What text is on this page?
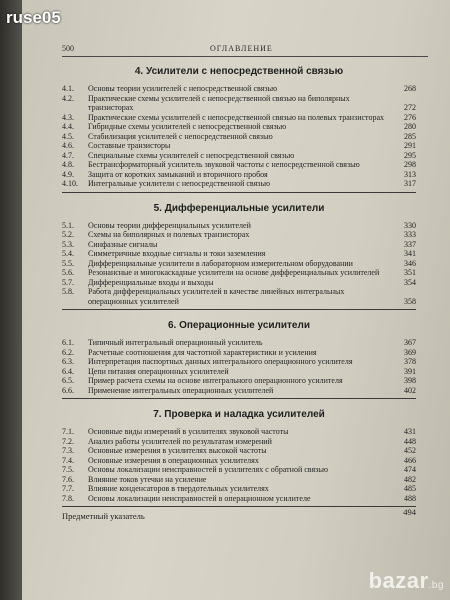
500	ОГЛАВЛЕНИЕ
4. Усилители с непосредственной связью
4.1. Основы теории усилителей с непосредственной связью	268
4.2. Практические схемы усилителей с непосредственной связью на биполярных транзисторах	272
4.3. Практические схемы усилителей с непосредственной связью на полевых транзисторах	276
4.4. Гибридные схемы усилителей с непосредственной связью	280
4.5. Стабилизация усилителей с непосредственной связью	285
4.6. Составные транзисторы	291
4.7. Специальные схемы усилителей с непосредственной связью	295
4.8. Бестрансформаторный усилитель звуковой частоты с непосредственной связью	298
4.9. Защита от коротких замыканий и вторичного пробоя	313
4.10. Интегральные усилители с непосредственной связью	317
5. Дифференциальные усилители
5.1. Основы теории дифференциальных усилителей	330
5.2. Схемы на биполярных и полевых транзисторах	333
5.3. Синфазные сигналы	337
5.4. Симметричные входные сигналы и токи заземления	341
5.5. Дифференциальные усилители в лабораторном измерительном оборудовании	346
5.6. Резонансные и многокаскадные усилители на основе дифференциальных усилителей	351
5.7. Дифференциальные входы и выходы	354
5.8. Работа дифференциальных усилителей в качестве линейных интегральных операционных усилителей	358
6. Операционные усилители
6.1. Типичный интегральный операционный усилитель	367
6.2. Расчетные соотношения для частотной характеристики и усиления	369
6.3. Интерпретация паспортных данных интегрального операционного усилителя	378
6.4. Цепи питания операционных усилителей	391
6.5. Пример расчета схемы на основе интегрального операционного усилителя	398
6.6. Применение интегральных операционных усилителей	402
7. Проверка и наладка усилителей
7.1. Основные виды измерений в усилителях звуковой частоты	431
7.2. Анализ работы усилителей по результатам измерений	448
7.3. Основные измерения в усилителях высокой частоты	452
7.4. Основные измерения в операционных усилителях	466
7.5. Основы локализации неисправностей в усилителях с обратной связью	474
7.6. Влияние токов утечки на усиление	482
7.7. Влияние конденсаторов в твердотельных усилителях	485
7.8. Основы локализации неисправностей в операционном усилителе	488
Предметный указатель	494
bazar.bg
ruse05
